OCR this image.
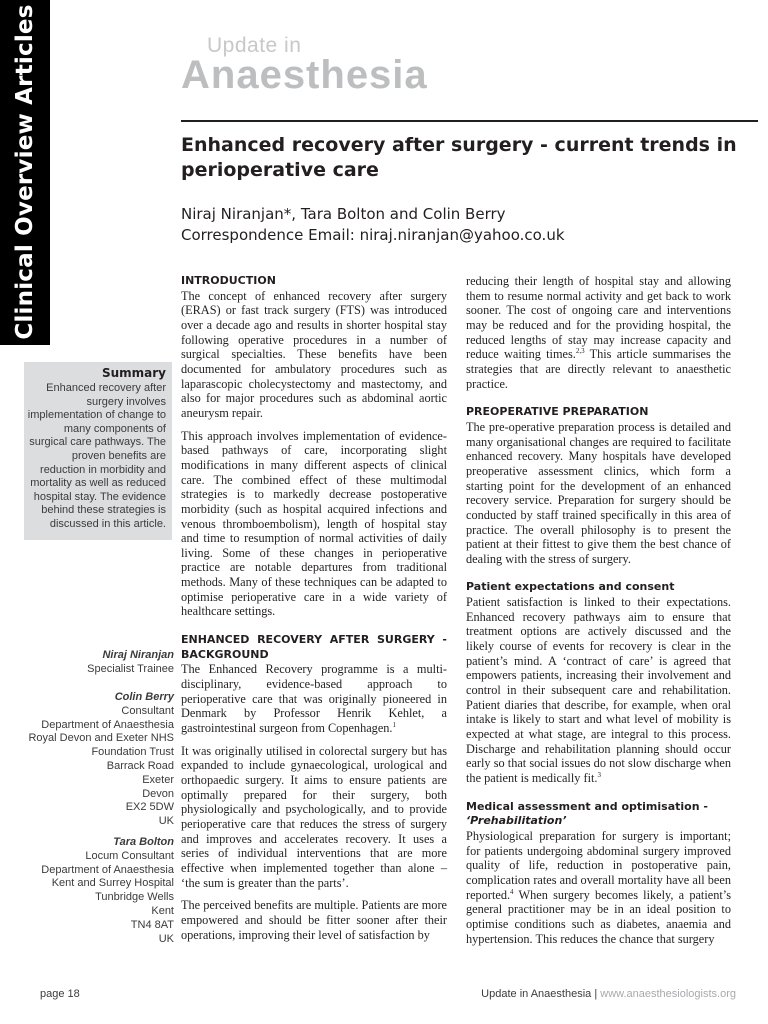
Clinical Overview Articles	Update in
Anaesthesia
Enhanced recovery after surgery - current trends in perioperative care
Niraj Niranjan*, Tara Bolton and Colin Berry
Correspondence Email: niraj.niranjan@yahoo.co.uk
Summary
Enhanced recovery after surgery involves implementation of change to many components of surgical care pathways. The proven benefits are reduction in morbidity and mortality as well as reduced hospital stay. The evidence behind these strategies is discussed in this article.
Niraj Niranjan
Specialist Trainee
Colin Berry
Consultant
Department of Anaesthesia
Royal Devon and Exeter NHS
Foundation Trust
Barrack Road
Exeter
Devon
EX2 5DW
UK
Tara Bolton
Locum Consultant
Department of Anaesthesia
Kent and Surrey Hospital
Tunbridge Wells
Kent
TN4 8AT
UK
INTRODUCTION

The concept of enhanced recovery after surgery (ERAS) or fast track surgery (FTS) was introduced over a decade ago and results in shorter hospital stay following operative procedures in a number of surgical specialties. These benefits have been documented for ambulatory procedures such as laparascopic cholecystectomy and mastectomy, and also for major procedures such as abdominal aortic aneurysm repair.

This approach involves implementation of evidence-based pathways of care, incorporating slight modifications in many different aspects of clinical care. The combined effect of these multimodal strategies is to markedly decrease postoperative morbidity (such as hospital acquired infections and venous thromboembolism), length of hospital stay and time to resumption of normal activities of daily living. Some of these changes in perioperative practice are notable departures from traditional methods. Many of these techniques can be adapted to optimise perioperative care in a wide variety of healthcare settings.

ENHANCED RECOVERY AFTER SURGERY - BACKGROUND

The Enhanced Recovery programme is a multi-disciplinary, evidence-based approach to perioperative care that was originally pioneered in Denmark by Professor Henrik Kehlet, a gastrointestinal surgeon from Copenhagen.$^1$

It was originally utilised in colorectal surgery but has expanded to include gynaecological, urological and orthopaedic surgery. It aims to ensure patients are optimally prepared for their surgery, both physiologically and psychologically, and to provide perioperative care that reduces the stress of surgery and improves and accelerates recovery. It uses a series of individual interventions that are more effective when implemented together than alone – ‘the sum is greater than the parts’.

The perceived benefits are multiple. Patients are more empowered and should be fitter sooner after their operations, improving their level of satisfaction by

reducing their length of hospital stay and allowing them to resume normal activity and get back to work sooner. The cost of ongoing care and interventions may be reduced and for the providing hospital, the reduced lengths of stay may increase capacity and reduce waiting times.$^{2,3}$ This article summarises the strategies that are directly relevant to anaesthetic practice.

PREOPERATIVE PREPARATION

The pre-operative preparation process is detailed and many organisational changes are required to facilitate enhanced recovery. Many hospitals have developed preoperative assessment clinics, which form a starting point for the development of an enhanced recovery service. Preparation for surgery should be conducted by staff trained specifically in this area of practice. The overall philosophy is to present the patient at their fittest to give them the best chance of dealing with the stress of surgery.

Patient expectations and consent

Patient satisfaction is linked to their expectations. Enhanced recovery pathways aim to ensure that treatment options are actively discussed and the likely course of events for recovery is clear in the patient’s mind. A ‘contract of care’ is agreed that empowers patients, increasing their involvement and control in their subsequent care and rehabilitation. Patient diaries that describe, for example, when oral intake is likely to start and what level of mobility is expected at what stage, are integral to this process. Discharge and rehabilitation planning should occur early so that social issues do not slow discharge when the patient is medically fit.$^3$

Medical assessment and optimisation -
‘Prehabilitation’

Physiological preparation for surgery is important; for patients undergoing abdominal surgery improved quality of life, reduction in postoperative pain, complication rates and overall mortality have all been reported.$^4$ When surgery becomes likely, a patient’s general practitioner may be in an ideal position to optimise conditions such as diabetes, anaemia and hypertension. This reduces the chance that surgery

page 18	Update in Anaesthesia | www.anaesthesiologists.org
